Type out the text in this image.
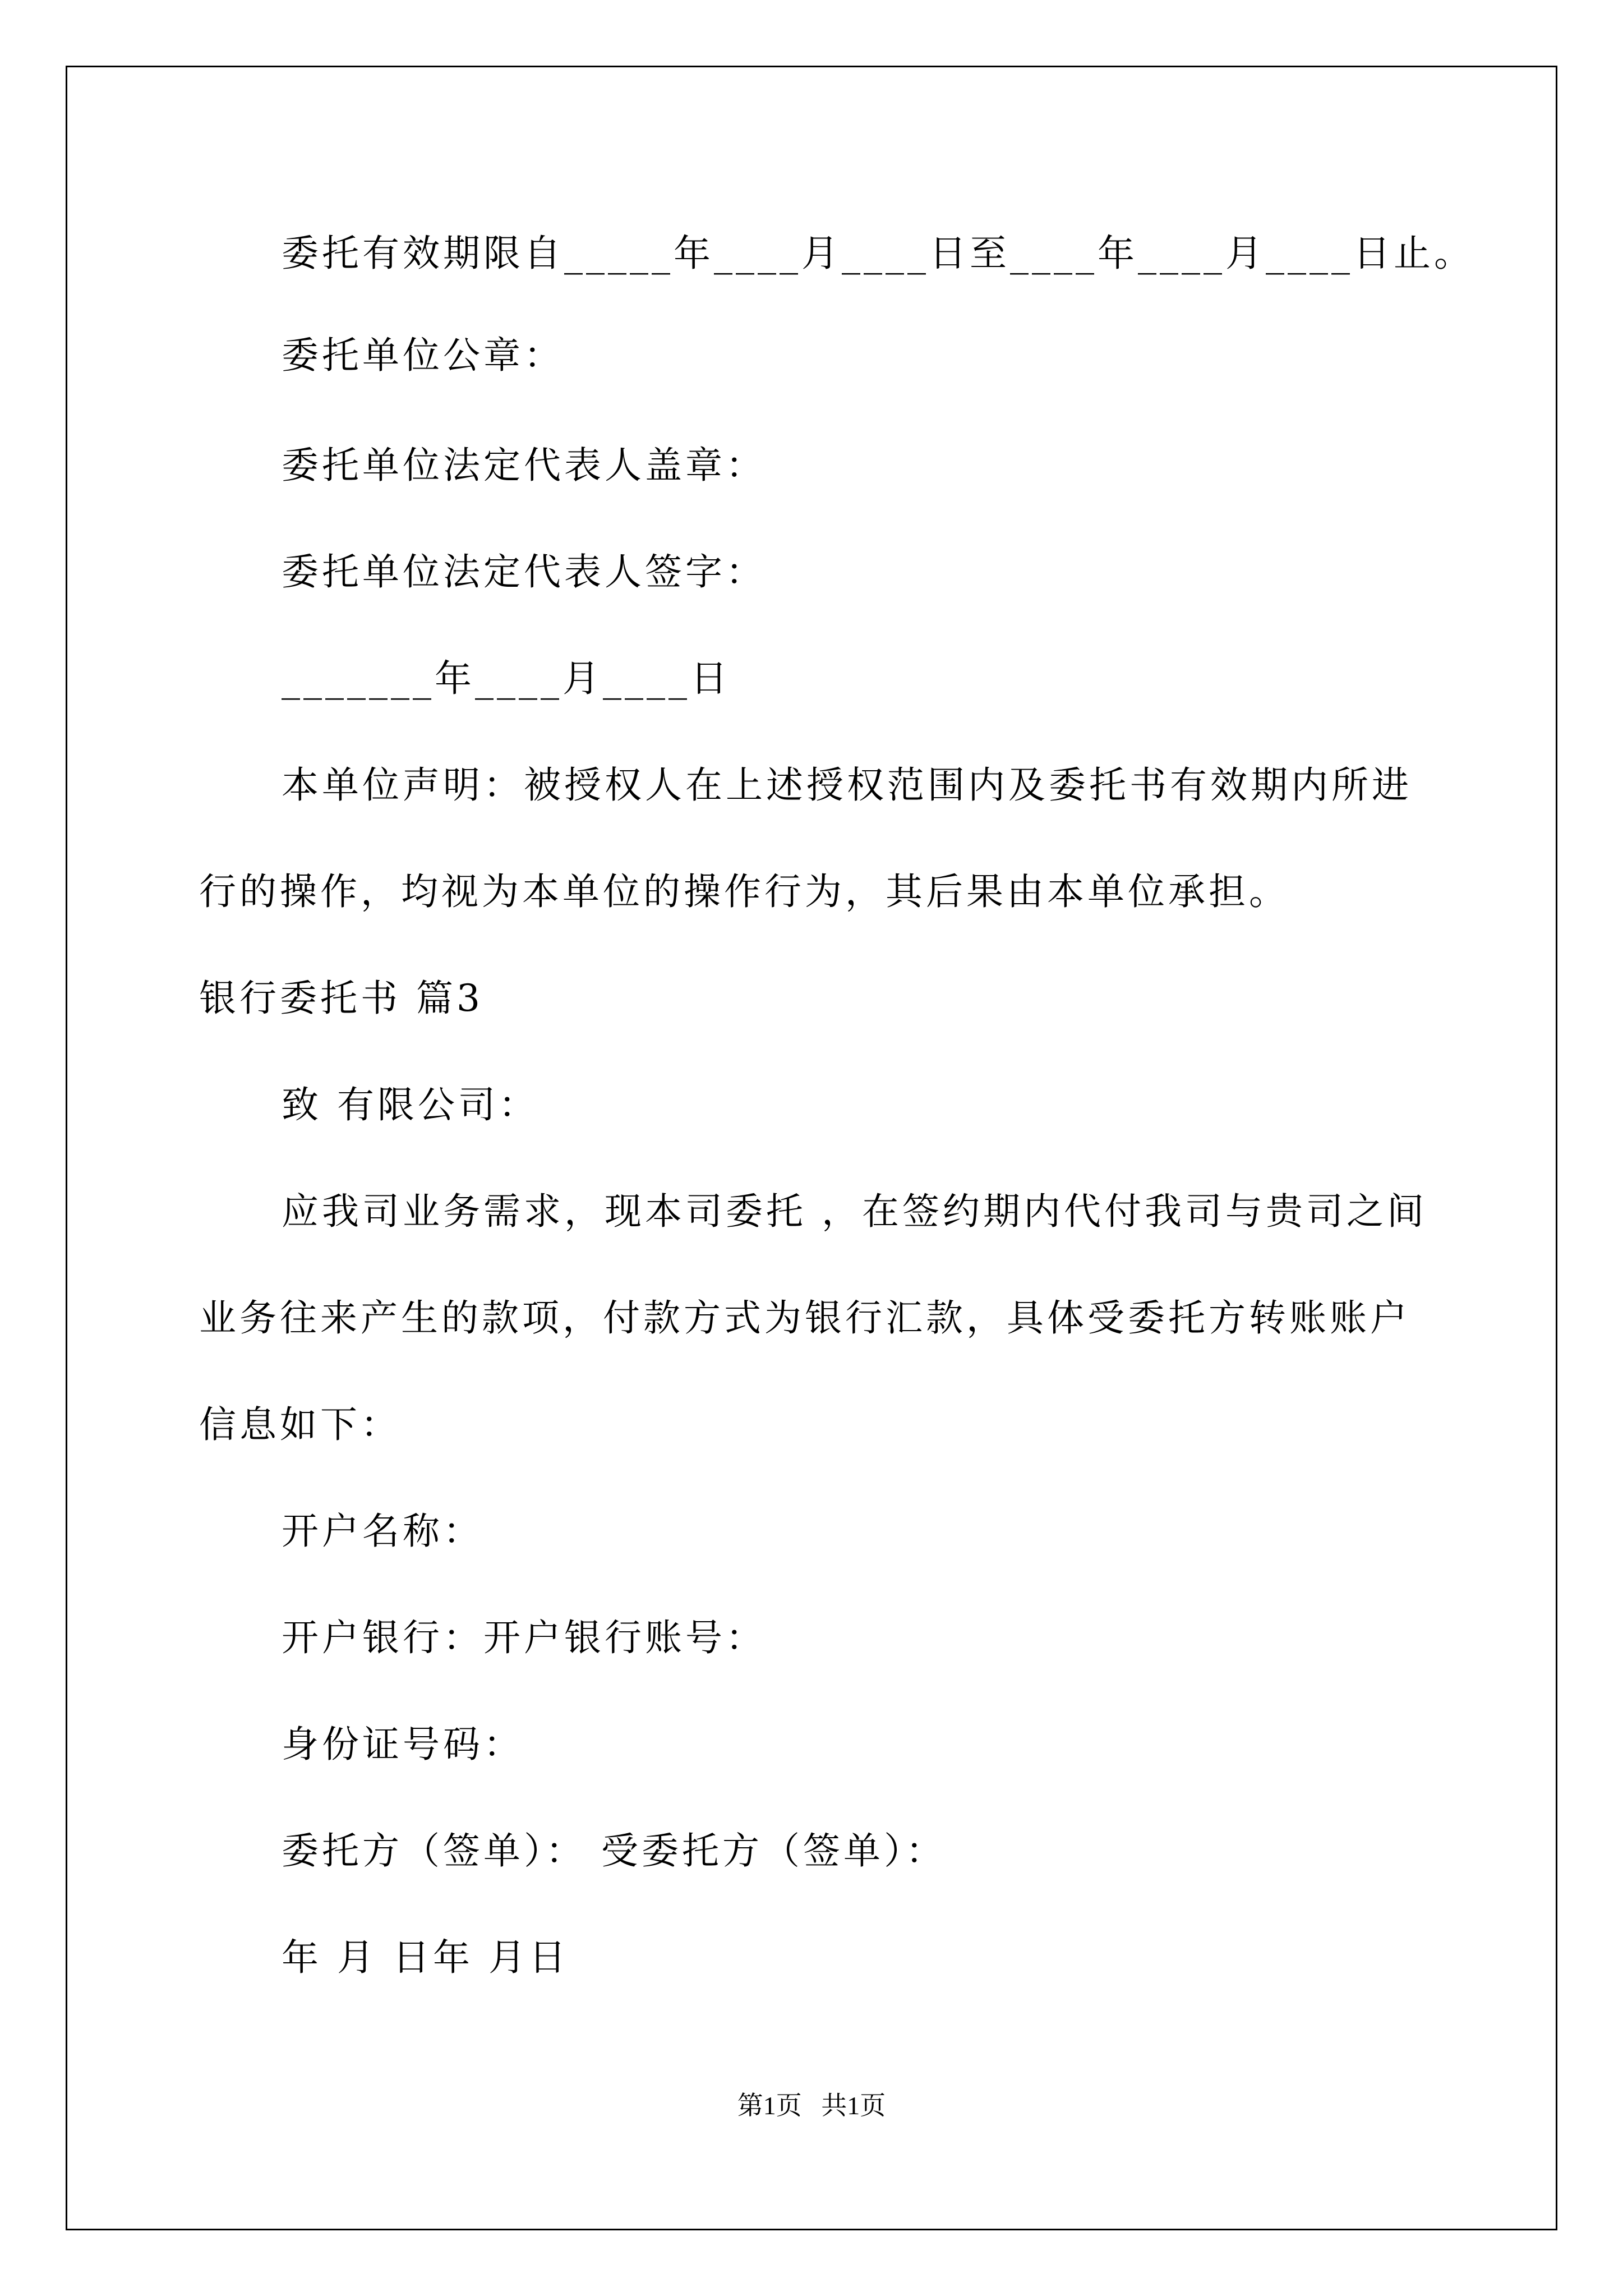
委托有效期限自_____年____月____日至____年____月____日止。
委托单位公章：
委托单位法定代表人盖章：
委托单位法定代表人签字：
_______年____月____日
本单位声明：被授权人在上述授权范围内及委托书有效期内所进
行的操作，均视为本单位的操作行为，其后果由本单位承担。
银行委托书 篇3
致 有限公司：
应我司业务需求，现本司委托 ，在签约期内代付我司与贵司之间
业务往来产生的款项，付款方式为银行汇款，具体受委托方转账账户
信息如下：
开户名称：
开户银行：开户银行账号：
身份证号码：
委托方（签单）： 受委托方（签单）：
年 月 日年 月日
第1页   共1页
